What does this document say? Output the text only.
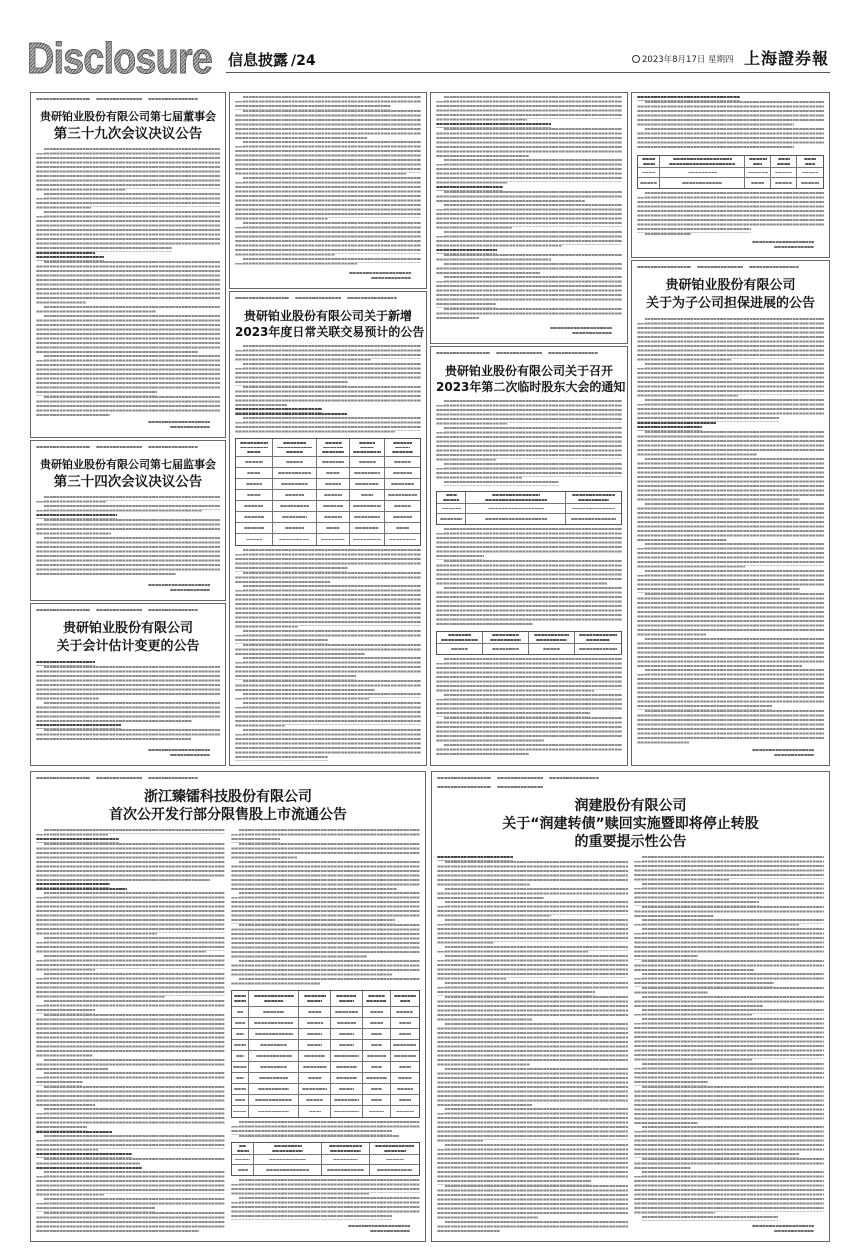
Disclosure 信息披露 /24	2023年8月17日 星期四 上海證券報
贵研铂业股份有限公司第七届董事会
第三十九次会议决议公告
贵研铂业股份有限公司第七届监事会
第三十四次会议决议公告
贵研铂业股份有限公司
关于会计估计变更的公告
贵研铂业股份有限公司关于新增
2023年度日常关联交易预计的公告
贵研铂业股份有限公司关于召开
2023年第二次临时股东大会的通知
贵研铂业股份有限公司
关于为子公司担保进展的公告
浙江臻镭科技股份有限公司
首次公开发行部分限售股上市流通公告
润建股份有限公司
关于“润建转债”赎回实施暨即将停止转股
的重要提示性公告
